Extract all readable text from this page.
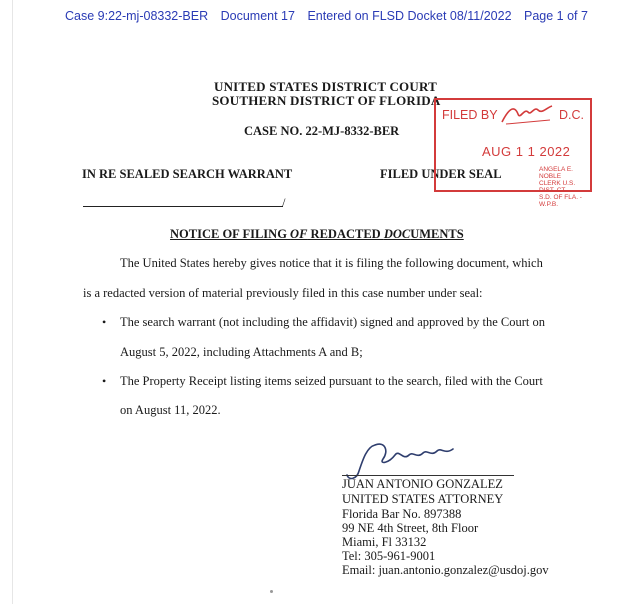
Case 9:22-mj-08332-BER Document 17 Entered on FLSD Docket 08/11/2022 Page 1 of 7
UNITED STATES DISTRICT COURT
SOUTHERN DISTRICT OF FLORIDA
CASE NO. 22-MJ-8332-BER
IN RE SEALED SEARCH WARRANT	FILED UNDER SEAL
/
FILED BY	D.C.
AUG 1 1 2022
ANGELA E. NOBLE
CLERK U.S. DIST. CT.
S.D. OF FLA. - W.P.B.
NOTICE OF FILING OF REDACTED DOCUMENTS
The United States hereby gives notice that it is filing the following document, which
is a redacted version of material previously filed in this case number under seal:
• The search warrant (not including the affidavit) signed and approved by the Court on
August 5, 2022, including Attachments A and B;
• The Property Receipt listing items seized pursuant to the search, filed with the Court
on August 11, 2022.
JUAN ANTONIO GONZALEZ
UNITED STATES ATTORNEY
Florida Bar No. 897388
99 NE 4th Street, 8th Floor
Miami, Fl 33132
Tel: 305-961-9001
Email: juan.antonio.gonzalez@usdoj.gov
